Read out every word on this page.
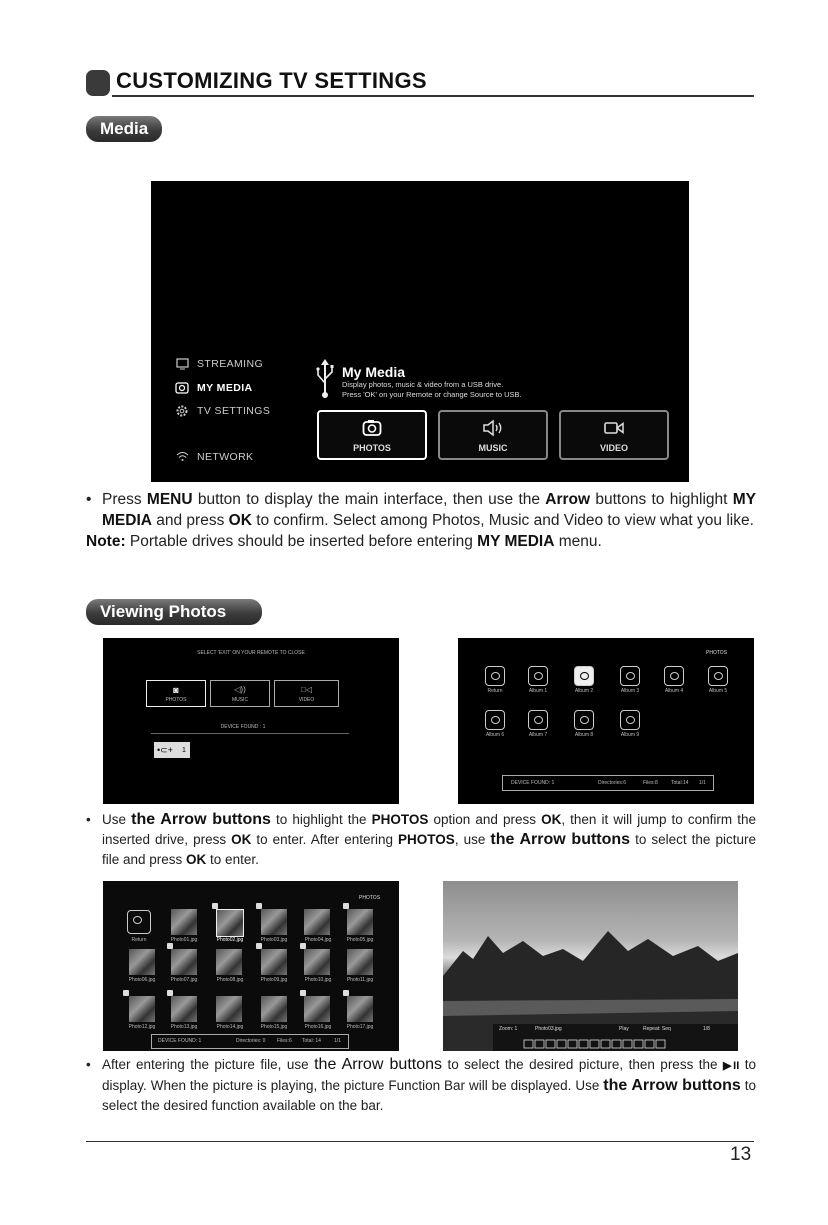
CUSTOMIZING TV SETTINGS
Media
STREAMING
MY MEDIA
TV SETTINGS
NETWORK
My Media
Display photos, music & video from a USB drive.
Press 'OK' on your Remote or change Source to USB.
PHOTOS	MUSIC	VIDEO
• Press MENU button to display the main interface, then use the Arrow buttons to highlight MY MEDIA and press OK to confirm. Select among Photos, Music and Video to view what you like.
Note: Portable drives should be inserted before entering MY MEDIA menu.
Viewing Photos
SELECT 'EXIT' ON YOUR REMOTE TO CLOSE
◙
PHOTOS
◁))
MUSIC
□◁
VIDEO
DEVICE FOUND : 1
•⊂+ 1
PHOTOS
Return	Album 1	Album 2	Album 3	Album 4	Album 5
Album 6	Album 7	Album 8	Album 9
DEVICE FOUND: 1	Directories:6	Files:8	Total:14 1/1
• Use the Arrow buttons to highlight the PHOTOS option and press OK, then it will jump to confirm the inserted drive, press OK to enter. After entering PHOTOS, use the Arrow buttons to select the picture file and press OK to enter.
PHOTOS
Return	Photo01.jpg	Photo02.jpg	Photo03.jpg	Photo04.jpg	Photo05.jpg
Photo06.jpg	Photo07.jpg	Photo08.jpg	Photo09.jpg	Photo10.jpg	Photo11.jpg
Photo12.jpg	Photo13.jpg	Photo14.jpg	Photo15.jpg	Photo16.jpg	Photo17.jpg
DEVICE FOUND: 1	Directories: 0 Files:6 Total: 14	1/1
Zoom: 1	Photo03.jpg	Play	Repeat: Seq	1/8
• After entering the picture file, use the Arrow buttons to select the desired picture, then press the ▶II to display. When the picture is playing, the picture Function Bar will be displayed. Use the Arrow buttons to select the desired function available on the bar.
13
